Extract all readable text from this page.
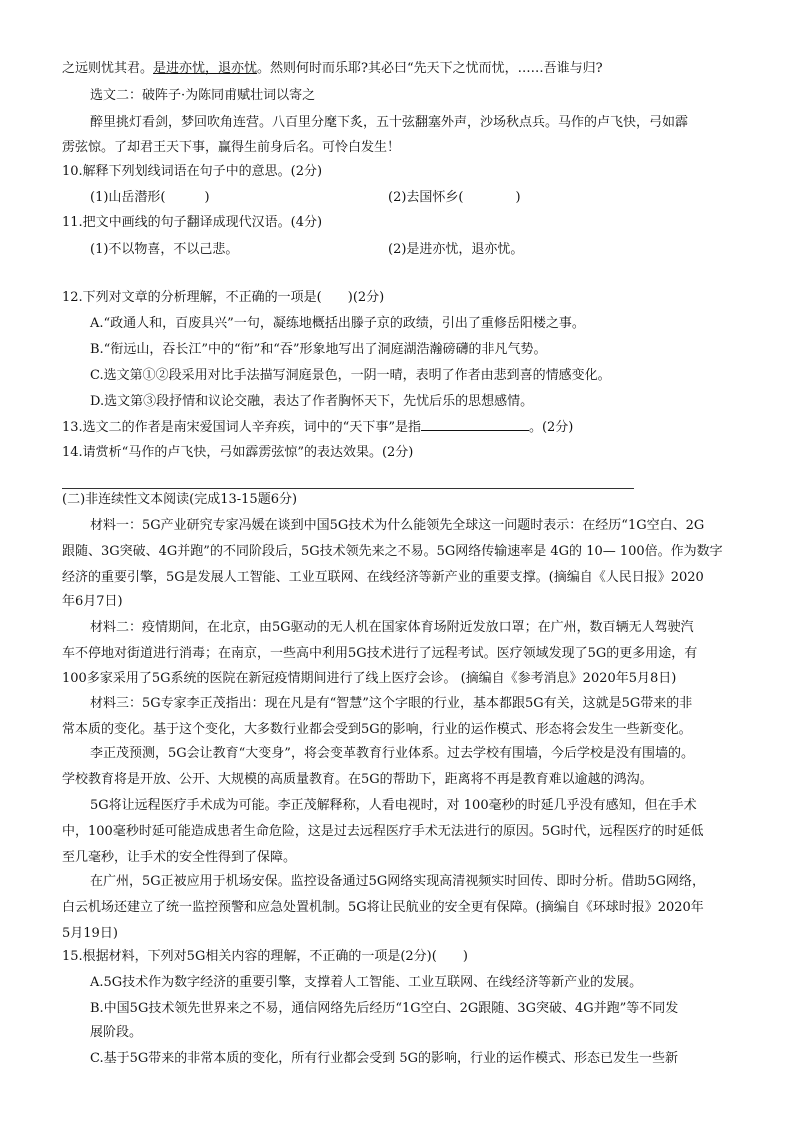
之远则忧其君。是进亦忧，退亦忧。然则何时而乐耶?其必曰“先天下之忧而忧，……吾谁与归?
选文二：破阵子·为陈同甫赋壮词以寄之
醉里挑灯看剑，梦回吹角连营。八百里分麾下炙，五十弦翻塞外声，沙场秋点兵。马作的卢飞快，弓如霹
雳弦惊。了却君王天下事，赢得生前身后名。可怜白发生！
10.解释下列划线词语在句子中的意思。(2分)
(1)山岳潜形(　　　)	(2)去国怀乡(　　　　)
11.把文中画线的句子翻译成现代汉语。(4分)
(1)不以物喜，不以己悲。	(2)是进亦忧，退亦忧。
12.下列对文章的分析理解，不正确的一项是(　　)(2分)
A.“政通人和，百废具兴”一句，凝练地概括出滕子京的政绩，引出了重修岳阳楼之事。
B.“衔远山，吞长江”中的“衔”和“吞”形象地写出了洞庭湖浩瀚磅礴的非凡气势。
C.选文第①②段采用对比手法描写洞庭景色，一阴一晴，表明了作者由悲到喜的情感变化。
D.选文第③段抒情和议论交融，表达了作者胸怀天下，先忧后乐的思想感情。
13.选文二的作者是南宋爱国词人辛弃疾，词中的“天下事”是指	。(2分)
14.请赏析“马作的卢飞快，弓如霹雳弦惊”的表达效果。(2分)
(二)非连续性文本阅读(完成13-15题6分)
材料一：5G产业研究专家冯媛在谈到中国5G技术为什么能领先全球这一问题时表示：在经历“1G空白、2G
跟随、3G突破、4G并跑”的不同阶段后，5G技术领先来之不易。5G网络传输速率是 4G的 10— 100倍。作为数字
经济的重要引擎，5G是发展人工智能、工业互联网、在线经济等新产业的重要支撑。(摘编自《人民日报》2020
年6月7日)
材料二：疫情期间，在北京，由5G驱动的无人机在国家体育场附近发放口罩；在广州，数百辆无人驾驶汽
车不停地对街道进行消毒；在南京，一些高中利用5G技术进行了远程考试。医疗领域发现了5G的更多用途，有
100多家采用了5G系统的医院在新冠疫情期间进行了线上医疗会诊。 (摘编自《参考消息》2020年5月8日)
材料三：5G专家李正茂指出：现在凡是有“智慧”这个字眼的行业，基本都跟5G有关，这就是5G带来的非
常本质的变化。基于这个变化，大多数行业都会受到5G的影响，行业的运作模式、形态将会发生一些新变化。
李正茂预测，5G会让教育“大变身”，将会变革教育行业体系。过去学校有围墙，今后学校是没有围墙的。
学校教育将是开放、公开、大规模的高质量教育。在5G的帮助下，距离将不再是教育难以逾越的鸿沟。
5G将让远程医疗手术成为可能。李正茂解释称，人看电视时，对 100毫秒的时延几乎没有感知，但在手术
中，100毫秒时延可能造成患者生命危险，这是过去远程医疗手术无法进行的原因。5G时代，远程医疗的时延低
至几毫秒，让手术的安全性得到了保障。
在广州，5G正被应用于机场安保。监控设备通过5G网络实现高清视频实时回传、即时分析。借助5G网络，
白云机场还建立了统一监控预警和应急处置机制。5G将让民航业的安全更有保障。(摘编自《环球时报》2020年
5月19日)
15.根据材料，下列对5G相关内容的理解，不正确的一项是(2分)(　　)
A.5G技术作为数字经济的重要引擎，支撑着人工智能、工业互联网、在线经济等新产业的发展。
B.中国5G技术领先世界来之不易，通信网络先后经历“1G空白、2G跟随、3G突破、4G并跑”等不同发
展阶段。
C.基于5G带来的非常本质的变化，所有行业都会受到 5G的影响，行业的运作模式、形态已发生一些新
